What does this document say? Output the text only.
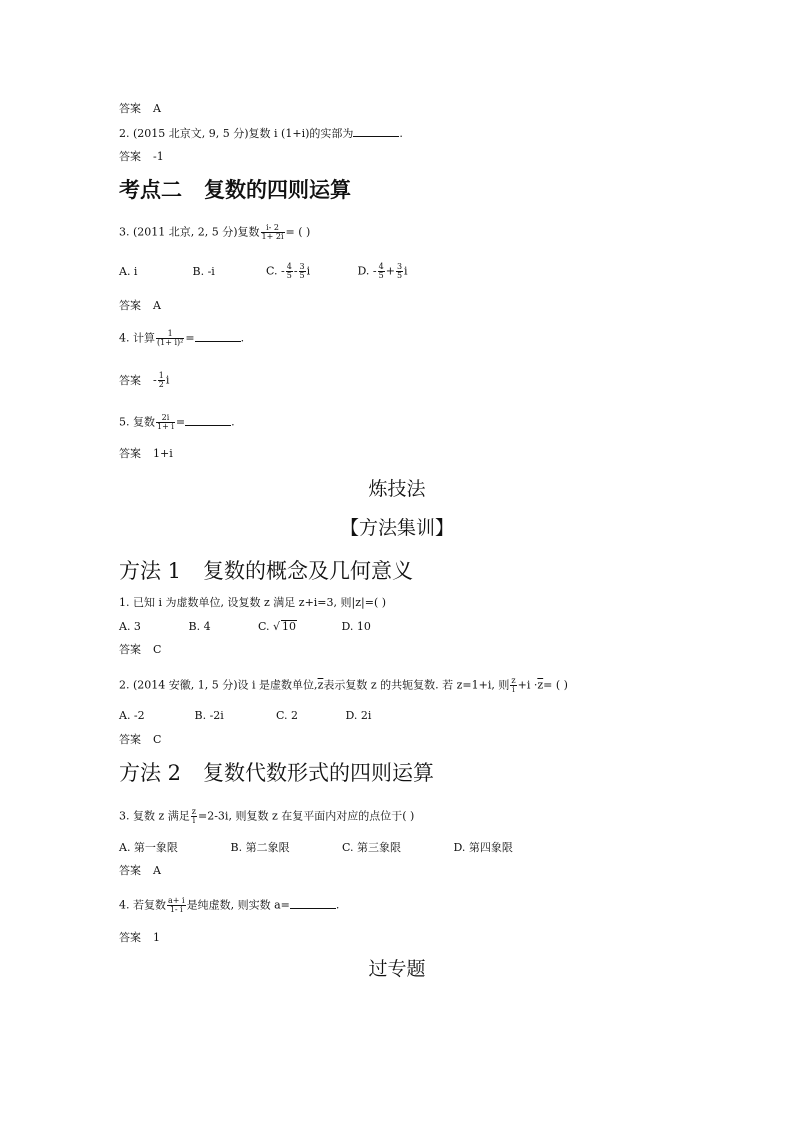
答案 A
2. (2015 北京文, 9, 5 分)复数 i (1+i)的实部为	.
答案 -1
考点二 复数的四则运算
3. (2011 北京, 2, 5 分)复数 $\frac{i- 2}{1+ 2i}$ = ( )
A. i	B. -i	C. - $\frac{4}{5} - \frac{3}{5}$ i	D. - $\frac{4}{5} + \frac{3}{5}$ i
答案 A
4. 计算 $\frac{1}{\text{(1+ i)²}}$ =	.
答案 - $\frac{1}{2}$ i
5. 复数 $\frac{2i}{1+ i}$ =	.
答案 1+i
炼技法
【方法集训】
方法 1 复数的概念及几何意义
1. 已知 i 为虚数单位, 设复数 z 满足 z+i=3, 则|z|=( )
A. 3	B. 4	C. √ 10	D. 10
答案 C
2. (2014 安徽, 1, 5 分)设 i 是虚数单位$,\overline{z}$表示复数 z 的共轭复数. 若 z=1+i, 则 $\frac{z}{i} +i \cdot\overline{z}=$ ( )
A. -2	B. -2i	C. 2	D. 2i
答案 C
方法 2 复数代数形式的四则运算
3. 复数 z 满足 $\frac{z}{i} =2-3i$, 则复数 z 在复平面内对应的点位于( )
A. 第一象限	B. 第二象限	C. 第三象限	D. 第四象限
答案 A
4. 若复数 $\frac{a+ i}{1- i}$ 是纯虚数, 则实数 a=	.
答案 1
过专题
